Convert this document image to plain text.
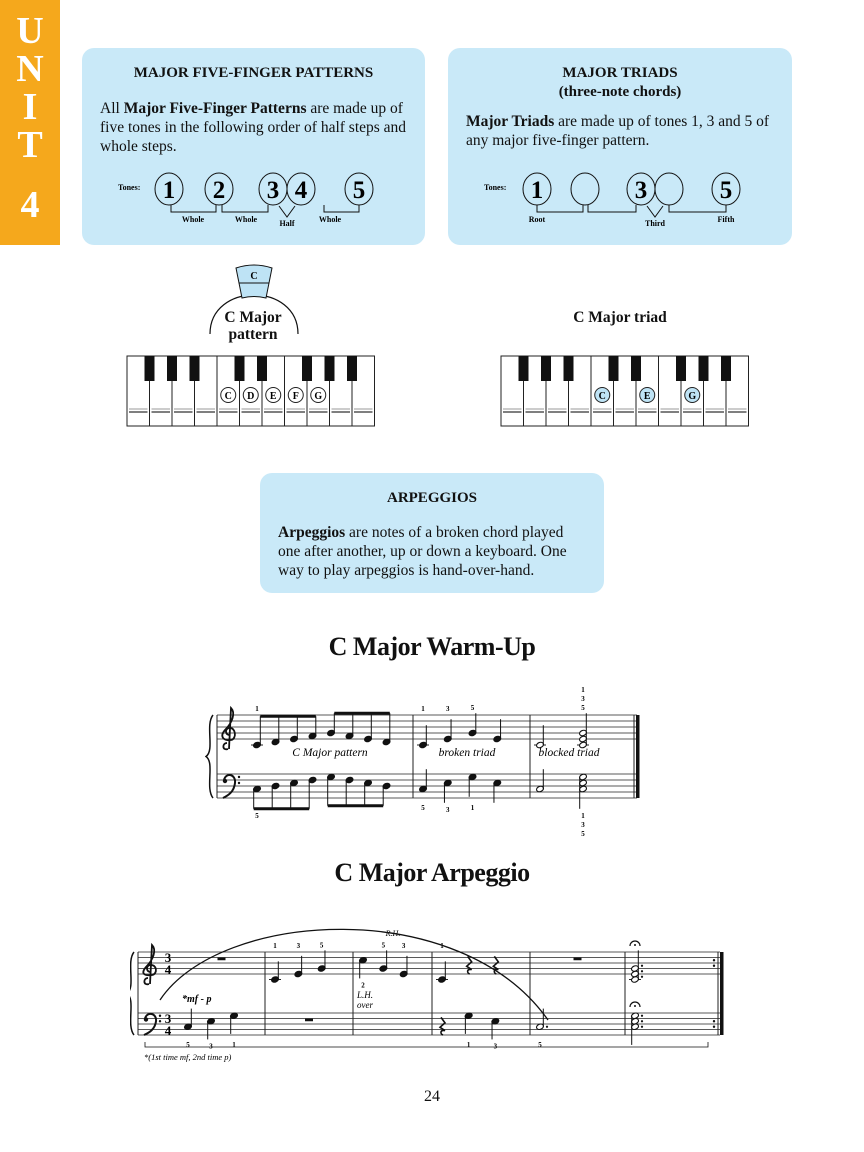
U
N
I
T
4
MAJOR FIVE-FINGER PATTERNS

All Major Five-Finger Patterns are made up of five tones in the following order of half steps and whole steps.

Tones: 1 2 3 4 5
Whole	Whole	Half	Whole
MAJOR TRIADS
(three-note chords)

Major Triads are made up of tones 1, 3 and 5 of any major five-finger pattern.

Tones: 1	3	5
Root	Third	Fifth
C
C Major
pattern
C D E F G
C Major triad
C	E	G
ARPEGGIOS

Arpeggios are notes of a broken chord played one after another, up or down a keyboard. One way to play arpeggios is hand-over-hand.

C Major Warm-Up
1	1	3	5	5
3
1
5
5	3	1
1
3
5
C Major pattern	broken triad	blocked triad
C Major Arpeggio
1	3	5
2
5 3	1
5	3	1	1	3	5
3
4
3
4
*mf - p
R.H.
L.H.
over
*(1st time mf, 2nd time p)
24
